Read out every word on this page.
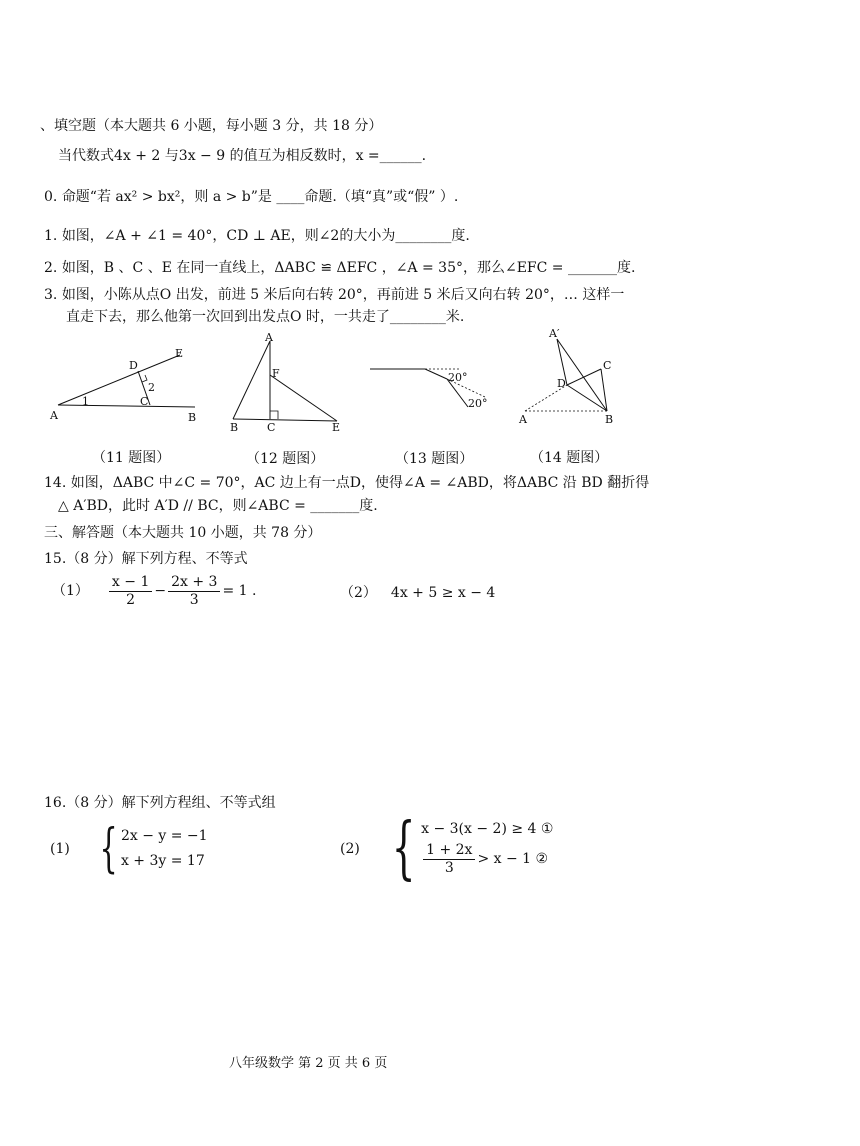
、填空题（本大题共 6 小题，每小题 3 分，共 18 分）
当代数式4x + 2 与3x − 9 的值互为相反数时，x =______.
0. 命题“若 ax² > bx²，则 a > b”是 ____命题.（填“真”或“假” ）.
1. 如图，∠A + ∠1 = 40°，CD ⊥ AE，则∠2的大小为________度.
2. 如图，B 、C 、E 在同一直线上，ΔABC ≌ ΔEFC ，∠A = 35°，那么∠EFC = _______度.
3. 如图，小陈从点O 出发，前进 5 米后向右转 20°，再前进 5 米后又向右转 20°，… 这样一
直走下去，那么他第一次回到出发点O 时，一共走了________米.
A	B
C
D
E
2
1
A
B	C	E
F	20°
20°
A′
A	B
C
D
（11 题图）	（12 题图）	（13 题图）	（14 题图）
14. 如图，ΔABC 中∠C = 70°，AC 边上有一点D，使得∠A = ∠ABD，将ΔABC 沿 BD 翻折得
△ A′BD，此时 A′D // BC，则∠ABC = _______度.
三、解答题（本大题共 10 小题，共 78 分）
15.（8 分）解下列方程、不等式
$(1) \frac{x - 1}{2} - \frac{2x + 3}{3} = 1$ .	（2） 4x + 5 ≥ x − 4
16.（8 分）解下列方程组、不等式组
(1) { 2x − y = −1
x + 3y = 17
(2) { x − 3(x − 2) ≥ 4 ①
$\frac{1 + 2x}{3} > x - 1$ ②
八年级数学 第 2 页 共 6 页
